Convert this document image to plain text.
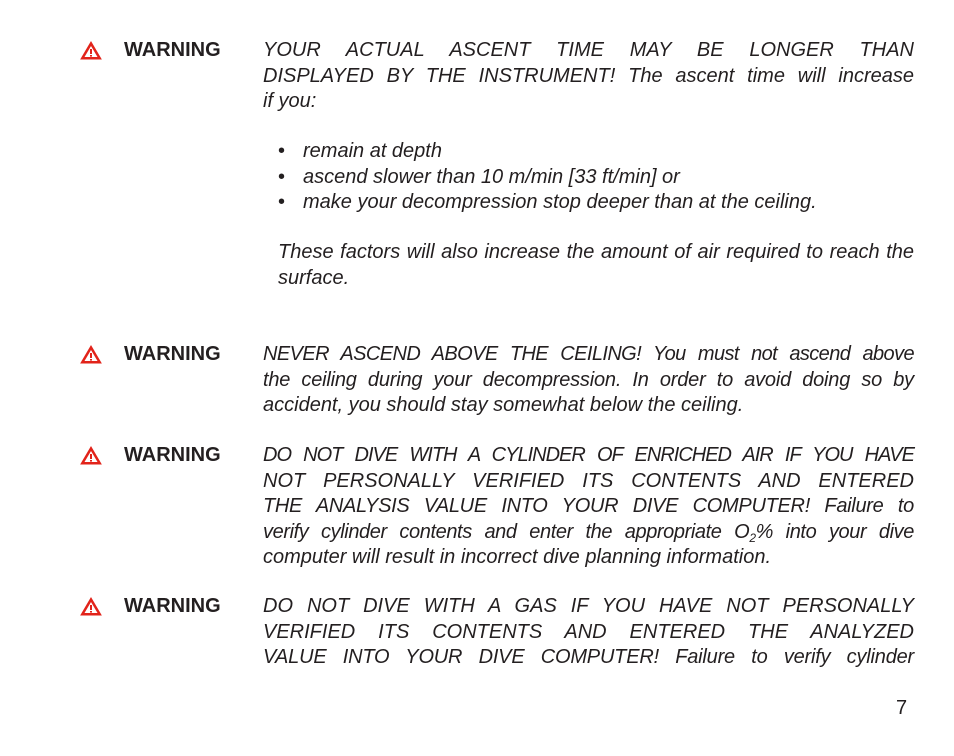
WARNING YOUR ACTUAL ASCENT TIME MAY BE LONGER THAN
DISPLAYED BY THE INSTRUMENT! The ascent time will increase
if you:

• remain at depth
• ascend slower than 10 m/min [33 ft/min] or
• make your decompression stop deeper than at the ceiling.

These factors will also increase the amount of air required to reach the surface.

WARNING NEVER ASCEND ABOVE THE CEILING! You must not ascend above
the ceiling during your decompression. In order to avoid doing so by
accident, you should stay somewhat below the ceiling.

WARNING DO NOT DIVE WITH A CYLINDER OF ENRICHED AIR IF YOU HAVE
NOT PERSONALLY VERIFIED ITS CONTENTS AND ENTERED
THE ANALYSIS VALUE INTO YOUR DIVE COMPUTER! Failure to
verify cylinder contents and enter the appropriate $O_2\%$ into your dive
computer will result in incorrect dive planning information.

WARNING DO NOT DIVE WITH A GAS IF YOU HAVE NOT PERSONALLY
VERIFIED ITS CONTENTS AND ENTERED THE ANALYZED
VALUE INTO YOUR DIVE COMPUTER! Failure to verify cylinder

7
